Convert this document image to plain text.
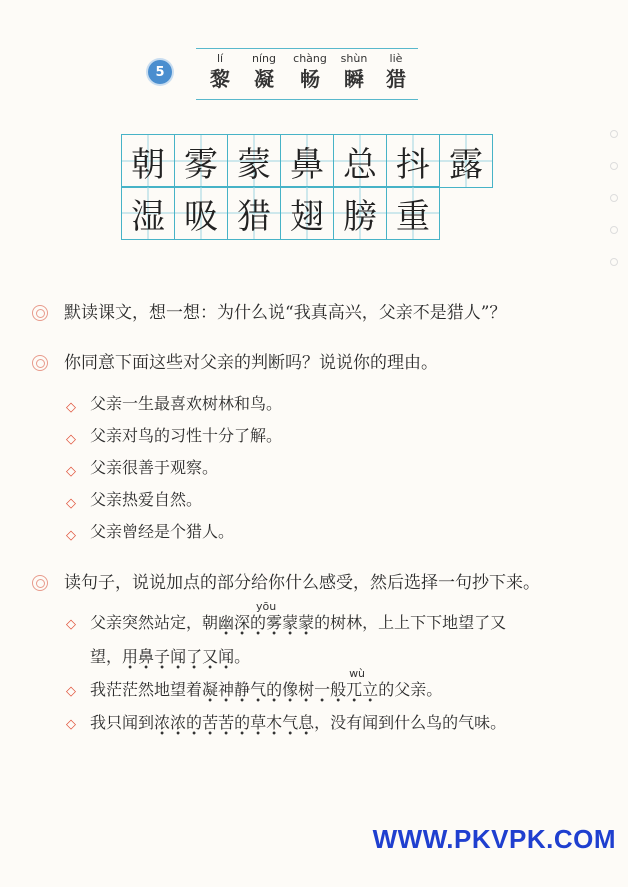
5
lí
黎
níng
凝
chàng
畅
shùn
瞬
liè
猎
朝 雾 蒙 鼻 总 抖 露
湿 吸 猎 翅 膀 重
默读课文，想一想：为什么说“我真高兴，父亲不是猎人”？
你同意下面这些对父亲的判断吗？说说你的理由。
◇ 父亲一生最喜欢树林和鸟。
◇ 父亲对鸟的习性十分了解。
◇ 父亲很善于观察。
◇ 父亲热爱自然。
◇ 父亲曾经是个猎人。
读句子，说说加点的部分给你什么感受，然后选择一句抄下来。
◇ 父亲突然站定，朝
yōu
幽深的雾蒙蒙的树林，上上下下地望了又
望，用鼻子闻了又闻。
◇ 我茫茫然地望着
wù
凝神静气的像树一般兀立的父亲。
◇ 我只闻到浓浓的苦苦的草木气息，没有闻到什么鸟的气味。
WWW.PKVPK.COM
